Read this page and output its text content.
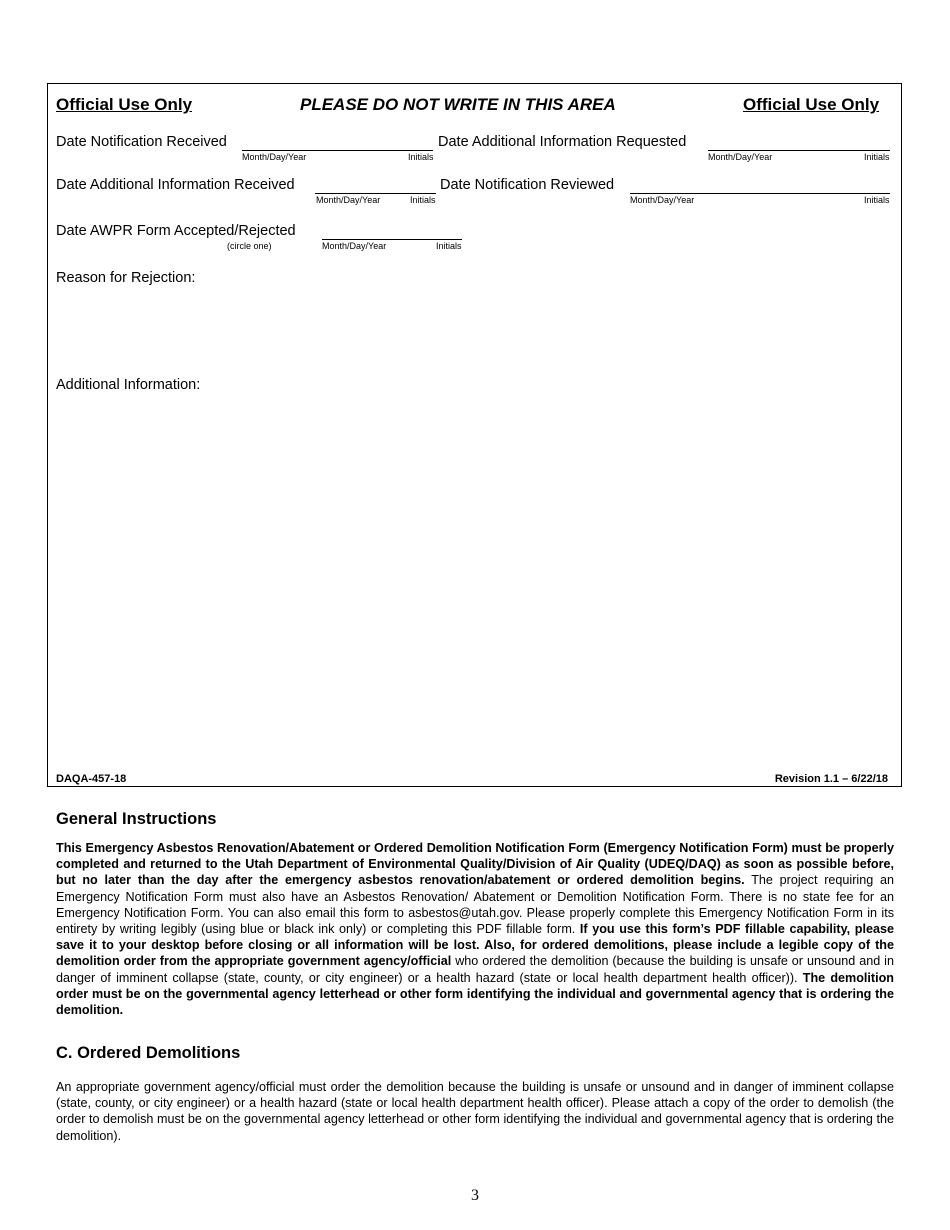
Official Use Only	PLEASE DO NOT WRITE IN THIS AREA	Official Use Only
Date Notification Received
Month/Day/Year	Initials
Date Additional Information Requested
Month/Day/Year	Initials
Date Additional Information Received
Month/Day/Year	Initials
Date Notification Reviewed
Month/Day/Year	Initials
Date AWPR Form Accepted/Rejected
(circle one)	Month/Day/Year	Initials
Reason for Rejection:
Additional Information:
DAQA-457-18	Revision 1.1 – 6/22/18
General Instructions

This Emergency Asbestos Renovation/Abatement or Ordered Demolition Notification Form (Emergency Notification Form) must be properly completed and returned to the Utah Department of Environmental Quality/Division of Air Quality (UDEQ/DAQ) as soon as possible before, but no later than the day after the emergency asbestos renovation/abatement or ordered demolition begins. The project requiring an Emergency Notification Form must also have an Asbestos Renovation/ Abatement or Demolition Notification Form. There is no state fee for an Emergency Notification Form. You can also email this form to asbestos@utah.gov. Please properly complete this Emergency Notification Form in its entirety by writing legibly (using blue or black ink only) or completing this PDF fillable form. If you use this form’s PDF fillable capability, please save it to your desktop before closing or all information will be lost. Also, for ordered demolitions, please include a legible copy of the demolition order from the appropriate government agency/official who ordered the demolition (because the building is unsafe or unsound and in danger of imminent collapse (state, county, or city engineer) or a health hazard (state or local health department health officer)). The demolition order must be on the governmental agency letterhead or other form identifying the individual and governmental agency that is ordering the demolition.

C. Ordered Demolitions

An appropriate government agency/official must order the demolition because the building is unsafe or unsound and in danger of imminent collapse (state, county, or city engineer) or a health hazard (state or local health department health officer). Please attach a copy of the order to demolish (the order to demolish must be on the governmental agency letterhead or other form identifying the individual and governmental agency that is ordering the demolition).

3
